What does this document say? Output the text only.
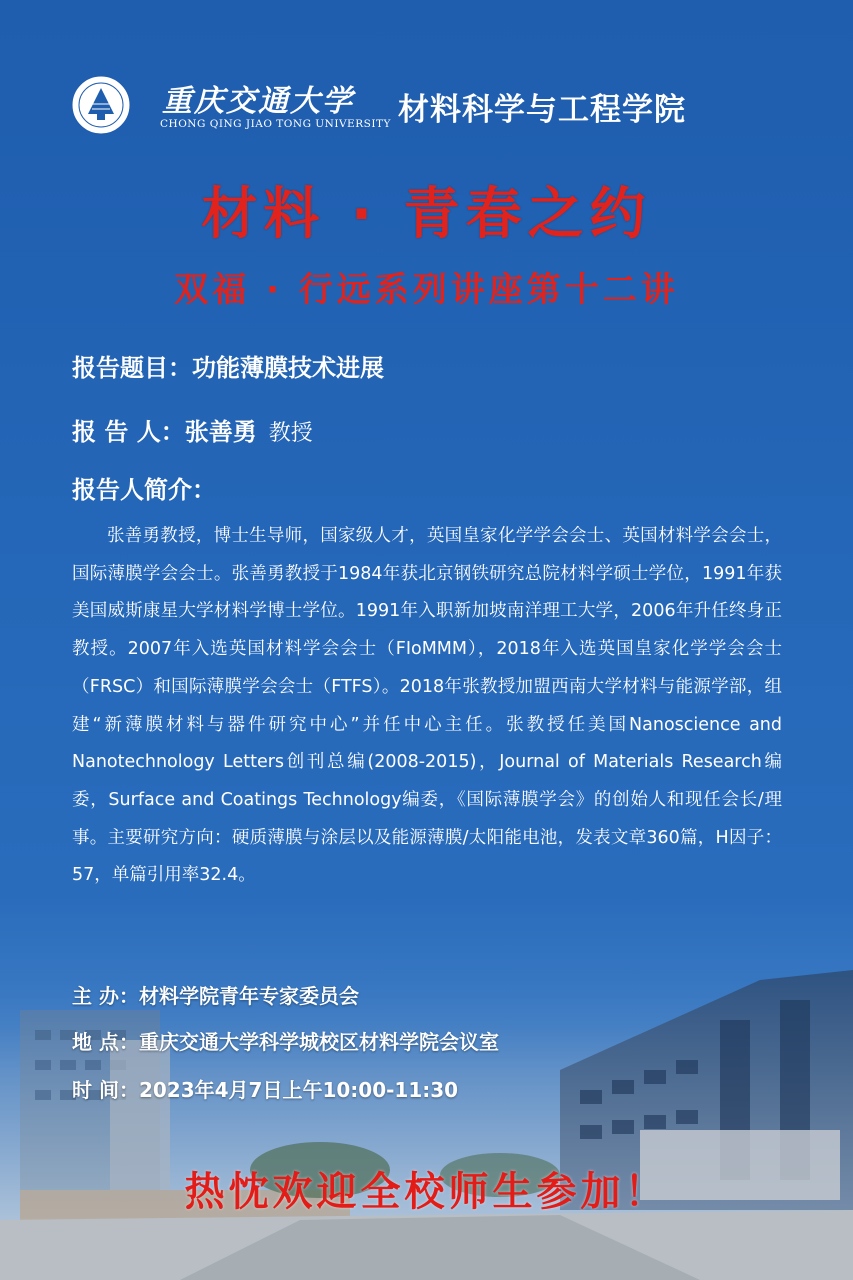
重庆交通大学
CHONG QING JIAO TONG UNIVERSITY 材料科学与工程学院
材料 · 青春之约
双福 · 行远系列讲座第十二讲
报告题目：功能薄膜技术进展
报 告 人：张善勇 教授
报告人简介：

张善勇教授，博士生导师，国家级人才，英国皇家化学学会会士、英国材料学会会士，国际薄膜学会会士。张善勇教授于1984年获北京钢铁研究总院材料学硕士学位，1991年获美国威斯康星大学材料学博士学位。1991年入职新加坡南洋理工大学，2006年升任终身正教授。2007年入选英国材料学会会士（FIoMMM），2018年入选英国皇家化学学会会士（FRSC）和国际薄膜学会会士（FTFS）。2018年张教授加盟西南大学材料与能源学部，组建“新薄膜材料与器件研究中心”并任中心主任。张教授任美国Nanoscience and Nanotechnology Letters创刊总编(2008-2015)，Journal of Materials Research编委，Surface and Coatings Technology编委，《国际薄膜学会》的创始人和现任会长/理事。主要研究方向：硬质薄膜与涂层以及能源薄膜/太阳能电池，发表文章360篇，H因子：57，单篇引用率32.4。

主 办：材料学院青年专家委员会
地 点：重庆交通大学科学城校区材料学院会议室
时 间：2023年4月7日上午10:00-11:30
热忱欢迎全校师生参加！
